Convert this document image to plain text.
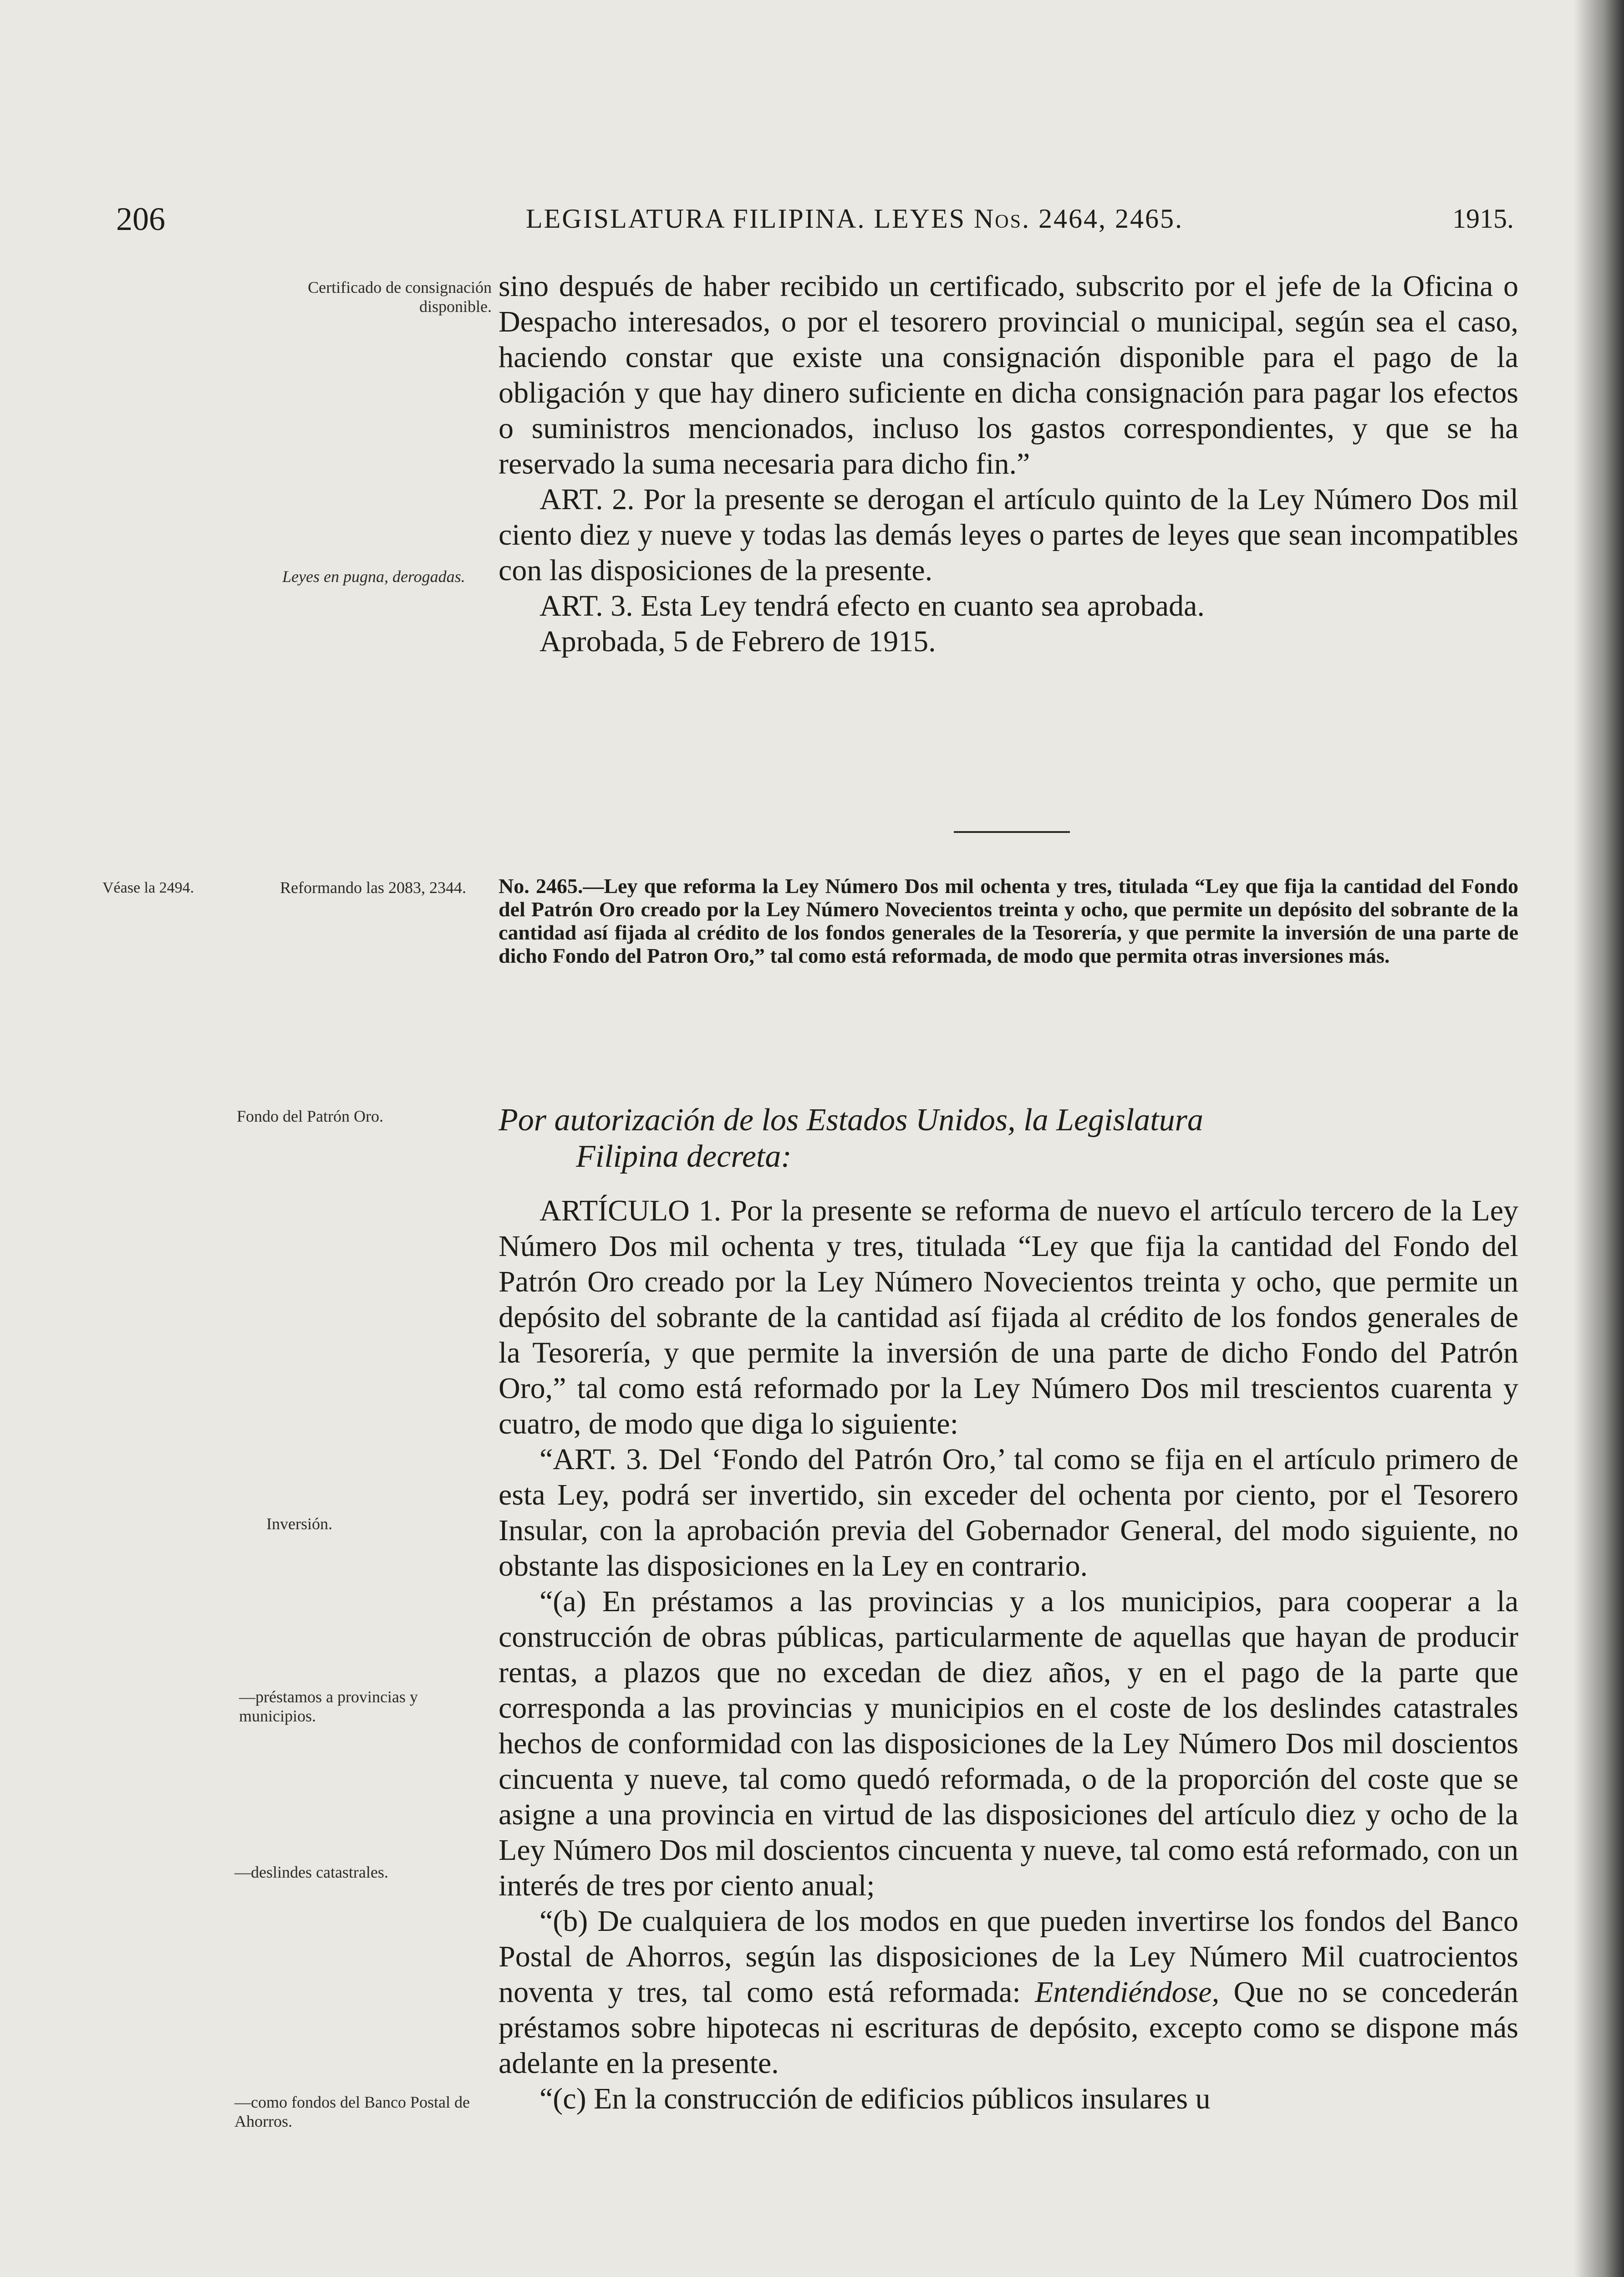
206	LEGISLATURA FILIPINA. LEYES Nos. 2464, 2465.	1915.
Certificado de consignación disponible.
Leyes en pugna, derogadas.
Véase la 2494.	Reformando las 2083, 2344.
Fondo del Patrón Oro.
Inversión.
—préstamos a provincias y municipios.
—deslindes catastrales.
—como fondos del Banco Postal de Ahorros.

sino después de haber recibido un certificado, subscrito por el jefe de la Oficina o Despacho interesados, o por el tesorero provincial o municipal, según sea el caso, haciendo constar que existe una consignación disponible para el pago de la obligación y que hay dinero suficiente en dicha consignación para pagar los efectos o suministros mencionados, incluso los gastos correspondientes, y que se ha reservado la suma necesaria para dicho fin.”

ART. 2. Por la presente se derogan el artículo quinto de la Ley Número Dos mil ciento diez y nueve y todas las demás leyes o partes de leyes que sean incompatibles con las disposiciones de la presente.

ART. 3. Esta Ley tendrá efecto en cuanto sea aprobada.

Aprobada, 5 de Febrero de 1915.

No. 2465.—Ley que reforma la Ley Número Dos mil ochenta y tres, titulada “Ley que fija la cantidad del Fondo del Patrón Oro creado por la Ley Número Novecientos treinta y ocho, que permite un depósito del sobrante de la cantidad así fijada al crédito de los fondos generales de la Tesorería, y que permite la inversión de una parte de dicho Fondo del Patron Oro,” tal como está reformada, de modo que permita otras inversiones más.
Por autorización de los Estados Unidos, la Legislatura
Filipina decreta:

ARTÍCULO 1. Por la presente se reforma de nuevo el artículo tercero de la Ley Número Dos mil ochenta y tres, titulada “Ley que fija la cantidad del Fondo del Patrón Oro creado por la Ley Número Novecientos treinta y ocho, que permite un depósito del sobrante de la cantidad así fijada al crédito de los fondos generales de la Tesorería, y que permite la inversión de una parte de dicho Fondo del Patrón Oro,” tal como está reformado por la Ley Número Dos mil trescientos cuarenta y cuatro, de modo que diga lo siguiente:

“ART. 3. Del ‘Fondo del Patrón Oro,’ tal como se fija en el artículo primero de esta Ley, podrá ser invertido, sin exceder del ochenta por ciento, por el Tesorero Insular, con la aprobación previa del Gobernador General, del modo siguiente, no obstante las disposiciones en la Ley en contrario.

“(a) En préstamos a las provincias y a los municipios, para cooperar a la construcción de obras públicas, particularmente de aquellas que hayan de producir rentas, a plazos que no excedan de diez años, y en el pago de la parte que corresponda a las provincias y municipios en el coste de los deslindes catastrales hechos de conformidad con las disposiciones de la Ley Número Dos mil doscientos cincuenta y nueve, tal como quedó reformada, o de la proporción del coste que se asigne a una provincia en virtud de las disposiciones del artículo diez y ocho de la Ley Número Dos mil doscientos cincuenta y nueve, tal como está reformado, con un interés de tres por ciento anual;

“(b) De cualquiera de los modos en que pueden invertirse los fondos del Banco Postal de Ahorros, según las disposiciones de la Ley Número Mil cuatrocientos noventa y tres, tal como está reformada: Entendiéndose, Que no se concederán préstamos sobre hipotecas ni escrituras de depósito, excepto como se dispone más adelante en la presente.

“(c) En la construcción de edificios públicos insulares u
